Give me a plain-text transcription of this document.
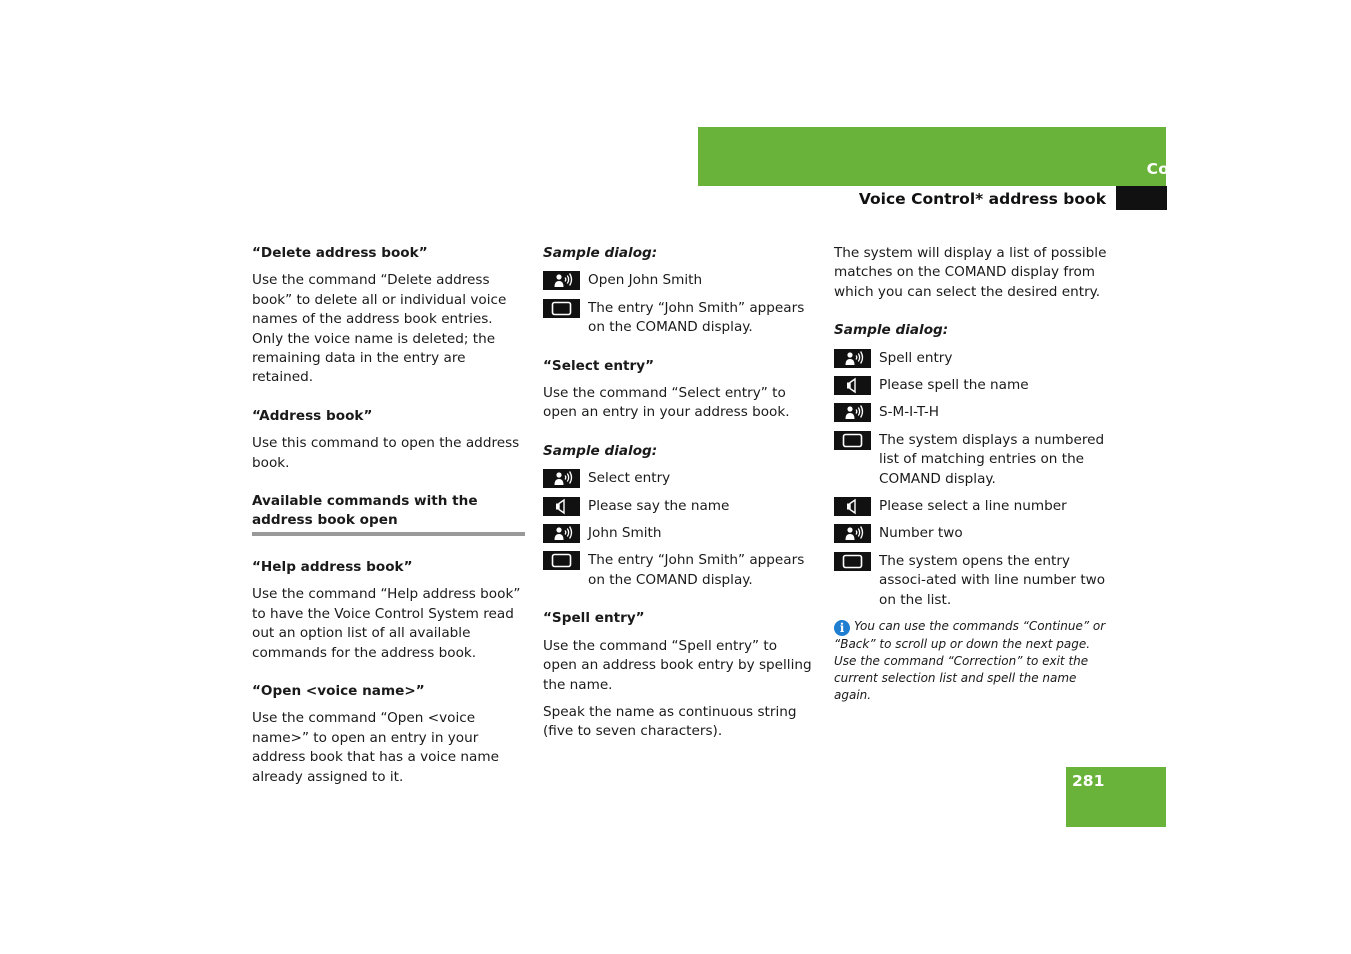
Control systems
Voice Control* address book
281
“Delete address book”

Use the command “Delete address book” to delete all or individual voice names of the address book entries. Only the voice name is deleted; the remaining data in the entry are retained.

“Address book”

Use this command to open the address book.

Available commands with the address book open
“Help address book”

Use the command “Help address book” to have the Voice Control System read out an option list of all available commands for the address book.

“Open <voice name>”

Use the command “Open <voice name>” to open an entry in your address book that has a voice name already assigned to it.

Sample dialog:
Open John Smith
The entry “John Smith” appears on the COMAND display.
“Select entry”

Use the command “Select entry” to open an entry in your address book.

Sample dialog:
Select entry
Please say the name
John Smith
The entry “John Smith” appears on the COMAND display.
“Spell entry”

Use the command “Spell entry” to open an address book entry by spelling the name.

Speak the name as continuous string (five to seven characters).

The system will display a list of possible matches on the COMAND display from which you can select the desired entry.

Sample dialog:
Spell entry
Please spell the name
S-M-I-T-H
The system displays a numbered list of matching entries on the COMAND display.
Please select a line number
Number two
The system opens the entry associ-ated with line number two on the list.
i You can use the commands “Continue” or “Back” to scroll up or down the next page. Use the command “Correction” to exit the current selection list and spell the name again.
